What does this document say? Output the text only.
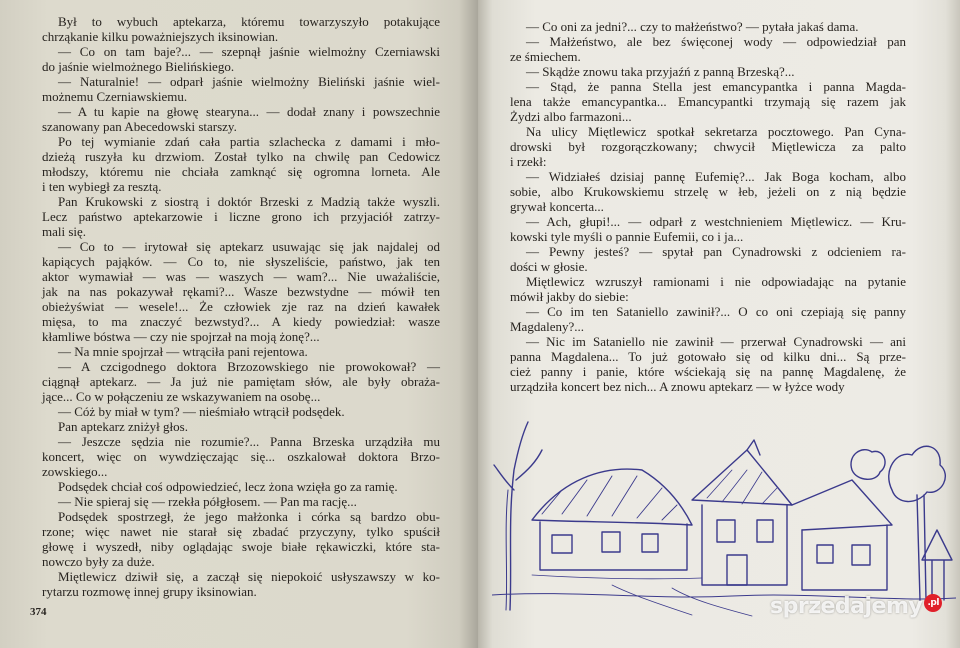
Był to wybuch aptekarza, któremu towarzyszyło potakujące
chrząkanie kilku poważniejszych iksinowian.
— Co on tam baje?... — szepnął jaśnie wielmożny Czerniawski
do jaśnie wielmożnego Bielińskiego.
— Naturalnie! — odparł jaśnie wielmożny Bieliński jaśnie wiel-
możnemu Czerniawskiemu.
— A tu kapie na głowę stearyna... — dodał znany i powszechnie
szanowany pan Abecedowski starszy.
Po tej wymianie zdań cała partia szlachecka z damami i mło-
dzieżą ruszyła ku drzwiom. Został tylko na chwilę pan Cedowicz
młodszy, któremu nie chciała zamknąć się ogromna lorneta. Ale
i ten wybiegł za resztą.
Pan Krukowski z siostrą i doktór Brzeski z Madzią także wyszli.
Lecz państwo aptekarzowie i liczne grono ich przyjaciół zatrzy-
mali się.
— Co to — irytował się aptekarz usuwając się jak najdalej od
kapiących pająków. — Co to, nie słyszeliście, państwo, jak ten
aktor wymawiał — was — waszych — wam?... Nie uważaliście,
jak na nas pokazywał rękami?... Wasze bezwstydne — mówił ten
obieżyświat — wesele!... Że człowiek zje raz na dzień kawałek
mięsa, to ma znaczyć bezwstyd?... A kiedy powiedział: wasze
kłamliwe bóstwa — czy nie spojrzał na moją żonę?...
— Na mnie spojrzał — wtrąciła pani rejentowa.
— A czcigodnego doktora Brzozowskiego nie prowokował? —
ciągnął aptekarz. — Ja już nie pamiętam słów, ale były obraża-
jące... Co w połączeniu ze wskazywaniem na osobę...
— Cóż by miał w tym? — nieśmiało wtrącił podsędek.
Pan aptekarz zniżył głos.
— Jeszcze sędzia nie rozumie?... Panna Brzeska urządziła mu
koncert, więc on wywdzięczając się... oszkalował doktora Brzo-
zowskiego...
Podsędek chciał coś odpowiedzieć, lecz żona wzięła go za ramię.
— Nie spieraj się — rzekła półgłosem. — Pan ma rację...
Podsędek spostrzegł, że jego małżonka i córka są bardzo obu-
rzone; więc nawet nie starał się zbadać przyczyny, tylko spuścił
głowę i wyszedł, niby oglądając swoje białe rękawiczki, które sta-
nowczo były za duże.
Miętlewicz dziwił się, a zaczął się niepokoić usłyszawszy w ko-
rytarzu rozmowę innej grupy iksinowian.
374
— Co oni za jedni?... czy to małżeństwo? — pytała jakaś dama.
— Małżeństwo, ale bez święconej wody — odpowiedział pan
ze śmiechem.
— Skądże znowu taka przyjaźń z panną Brzeską?...
— Stąd, że panna Stella jest emancypantka i panna Magda-
lena także emancypantka... Emancypantki trzymają się razem jak
Żydzi albo farmazoni...
Na ulicy Miętlewicz spotkał sekretarza pocztowego. Pan Cyna-
drowski był rozgorączkowany; chwycił Miętlewicza za palto
i rzekł:
— Widziałeś dzisiaj pannę Eufemię?... Jak Boga kocham, albo
sobie, albo Krukowskiemu strzelę w łeb, jeżeli on z nią będzie
grywał koncerta...
— Ach, głupi!... — odparł z westchnieniem Miętlewicz. — Kru-
kowski tyle myśli o pannie Eufemii, co i ja...
— Pewny jesteś? — spytał pan Cynadrowski z odcieniem ra-
dości w głosie.
Miętlewicz wzruszył ramionami i nie odpowiadając na pytanie
mówił jakby do siebie:
— Co im ten Sataniello zawinił?... O co oni czepiają się panny
Magdaleny?...
— Nic im Sataniello nie zawinił — przerwał Cynadrowski — ani
panna Magdalena... To już gotowało się od kilku dni... Są prze-
cież panny i panie, które wściekają się na pannę Magdalenę, że
urządziła koncert bez nich... A znowu aptekarz — w łyżce wody
sprzedajemy .pl
